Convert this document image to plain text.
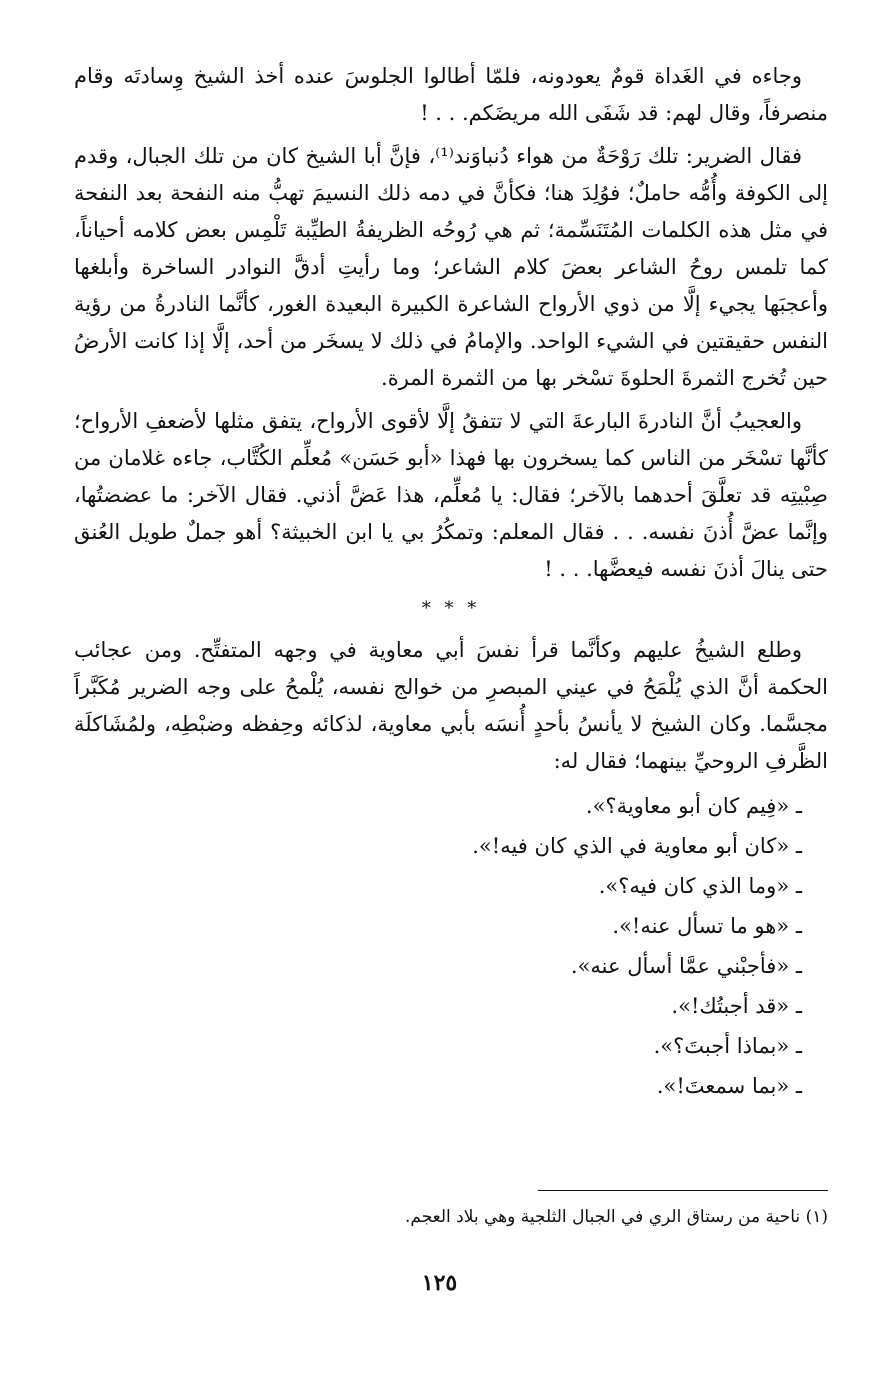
وجاءه في الغَداة قومٌ يعودونه، فلمّا أطالوا الجلوسَ عنده أخذ الشيخ وِسادتَه وقام منصرفاً، وقال لهم: قد شَفَى الله مريضَكم. . . !

فقال الضرير: تلك رَوْحَةٌ من هواء دُنباوَند⁽¹⁾، فإنَّ أبا الشيخ كان من تلك الجبال، وقدم إلى الكوفة وأُمُّه حاملٌ؛ فوُلِدَ هنا؛ فكأنَّ في دمه ذلك النسيمَ تهبُّ منه النفحة بعد النفحة في مثل هذه الكلمات المُتَنَسِّمة؛ ثم هي رُوحُه الظريفةُ الطيِّبة تَلْمِس بعض كلامه أحياناً، كما تلمس روحُ الشاعر بعضَ كلام الشاعر؛ وما رأيتِ أدقَّ النوادر الساخرة وأبلغها وأعجبَها يجيء إلَّا من ذوي الأرواح الشاعرة الكبيرة البعيدة الغور، كأنَّما النادرةُ من رؤية النفس حقيقتين في الشيء الواحد. والإمامُ في ذلك لا يسخَر من أحد، إلَّا إذا كانت الأرضُ حين تُخرج الثمرةَ الحلوةَ تسْخر بها من الثمرة المرة.

والعجيبُ أنَّ النادرةَ البارعةَ التي لا تتفقُ إلَّا لأقوى الأرواح، يتفق مثلها لأضعفِ الأرواح؛ كأنَّها تسْخَر من الناس كما يسخرون بها فهذا «أبو حَسَن» مُعلِّم الكُتَّاب، جاءه غلامان من صِبْيتِه قد تعلَّقَ أحدهما بالآخر؛ فقال: يا مُعلِّم، هذا عَضَّ أذني. فقال الآخر: ما عضضتُها، وإنَّما عضَّ أُذنَ نفسه. . . فقال المعلم: وتمكُرُ بي يا ابن الخبيثة؟ أهو جملٌ طويل العُنق حتى ينالَ أذنَ نفسه فيعضَّها. . . !

* * *

وطلع الشيخُ عليهم وكأنَّما قرأ نفسَ أبي معاوية في وجهه المتفتِّح. ومن عجائب الحكمة أنَّ الذي يُلْمَحُ في عيني المبصرِ من خوالج نفسه، يُلْمحُ على وجه الضرير مُكَبَّراً مجسَّما. وكان الشيخ لا يأنسُ بأحدٍ أُنسَه بأبي معاوية، لذكائه وحِفظه وضبْطِه، ولمُشَاكلَة الظَّرفِ الروحيِّ بينهما؛ فقال له:

ـ «فِيم كان أبو معاوية؟».
ـ «كان أبو معاوية في الذي كان فيه!».
ـ «وما الذي كان فيه؟».
ـ «هو ما تسأل عنه!».
ـ «فأجبْني عمَّا أسأل عنه».
ـ «قد أجبتُك!».
ـ «بماذا أجبتَ؟».
ـ «بما سمعتَ!».
(١) ناحية من رستاق الري في الجبال الثلجية وهي بلاد العجم.
١٢٥
